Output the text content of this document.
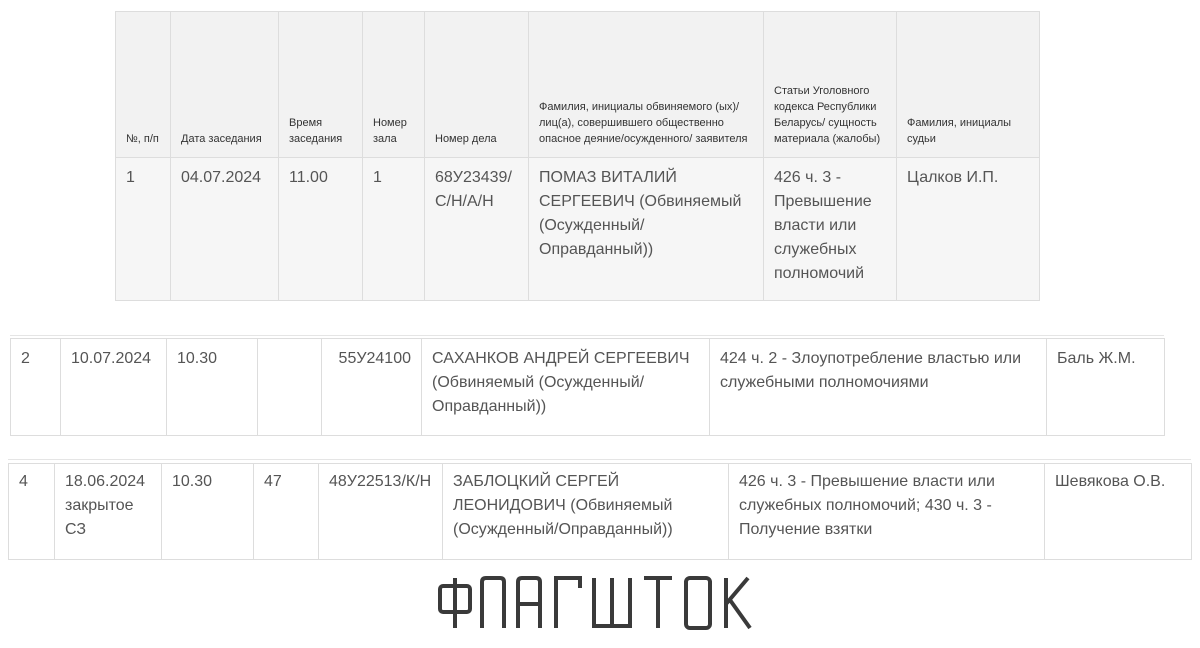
№, п/п	Дата заседания	Время заседания	Номер зала	Номер дела	Фамилия, инициалы обвиняемого (ых)/лиц(а), совершившего общественно опасное деяние/осужденного/ заявителя	Статьи Уголовного кодекса Республики Беларусь/ сущность материала (жалобы)	Фамилия, инициалы судьи
1	04.07.2024	11.00	1	68У23439/С/Н/А/Н	ПОМАЗ ВИТАЛИЙ СЕРГЕЕВИЧ (Обвиняемый (Осужденный/ Оправданный))	426 ч. 3 - Превышение власти или служебных полномочий	Цалков И.П.
2	10.07.2024	10.30		55У24100	САХАНКОВ АНДРЕЙ СЕРГЕЕВИЧ (Обвиняемый (Осужденный/Оправданный))	424 ч. 2 - Злоупотребление властью или служебными полномочиями	Баль Ж.М.
4	18.06.2024 закрытое СЗ	10.30	47	48У22513/К/Н	ЗАБЛОЦКИЙ СЕРГЕЙ ЛЕОНИДОВИЧ (Обвиняемый (Осужденный/Оправданный))	426 ч. 3 - Превышение власти или служебных полномочий; 430 ч. 3 - Получение взятки	Шевякова О.В.
